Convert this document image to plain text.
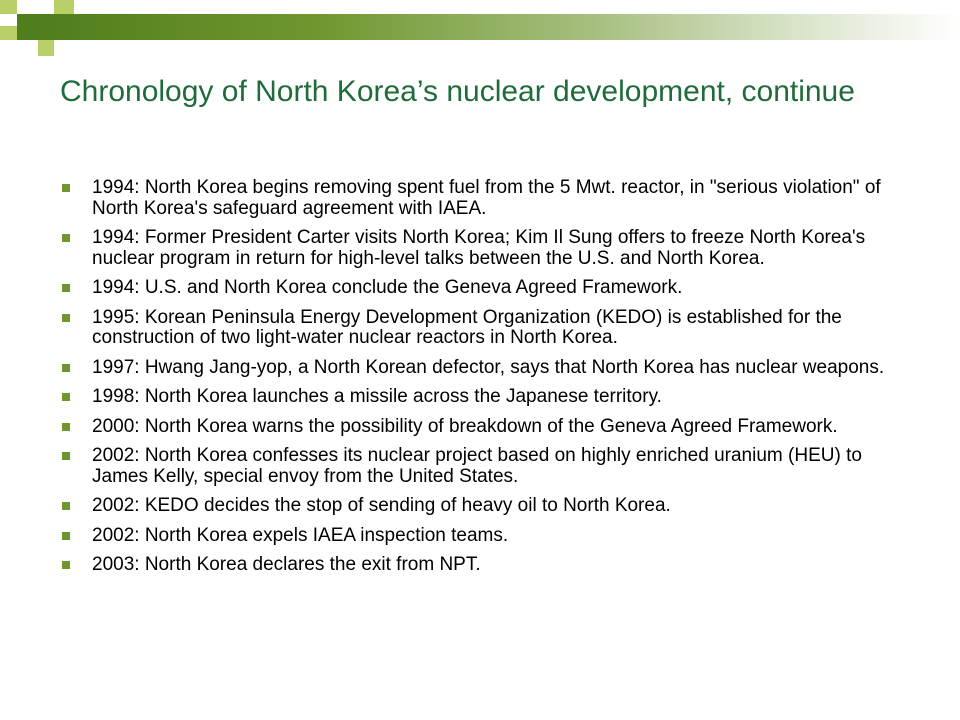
Chronology of North Korea’s nuclear development, continue
1994: North Korea begins removing spent fuel from the 5 Mwt. reactor, in "serious violation" of North Korea's safeguard agreement with IAEA.
1994: Former President Carter visits North Korea; Kim Il Sung offers to freeze North Korea's nuclear program in return for high-level talks between the U.S. and North Korea.
1994: U.S. and North Korea conclude the Geneva Agreed Framework.
1995: Korean Peninsula Energy Development Organization (KEDO) is established for the construction of two light-water nuclear reactors in North Korea.
1997: Hwang Jang-yop, a North Korean defector, says that North Korea has nuclear weapons.
1998: North Korea launches a missile across the Japanese territory.
2000: North Korea warns the possibility of breakdown of the Geneva Agreed Framework.
2002: North Korea confesses its nuclear project based on highly enriched uranium (HEU) to James Kelly, special envoy from the United States.
2002: KEDO decides the stop of sending of heavy oil to North Korea.
2002: North Korea expels IAEA inspection teams.
2003: North Korea declares the exit from NPT.
